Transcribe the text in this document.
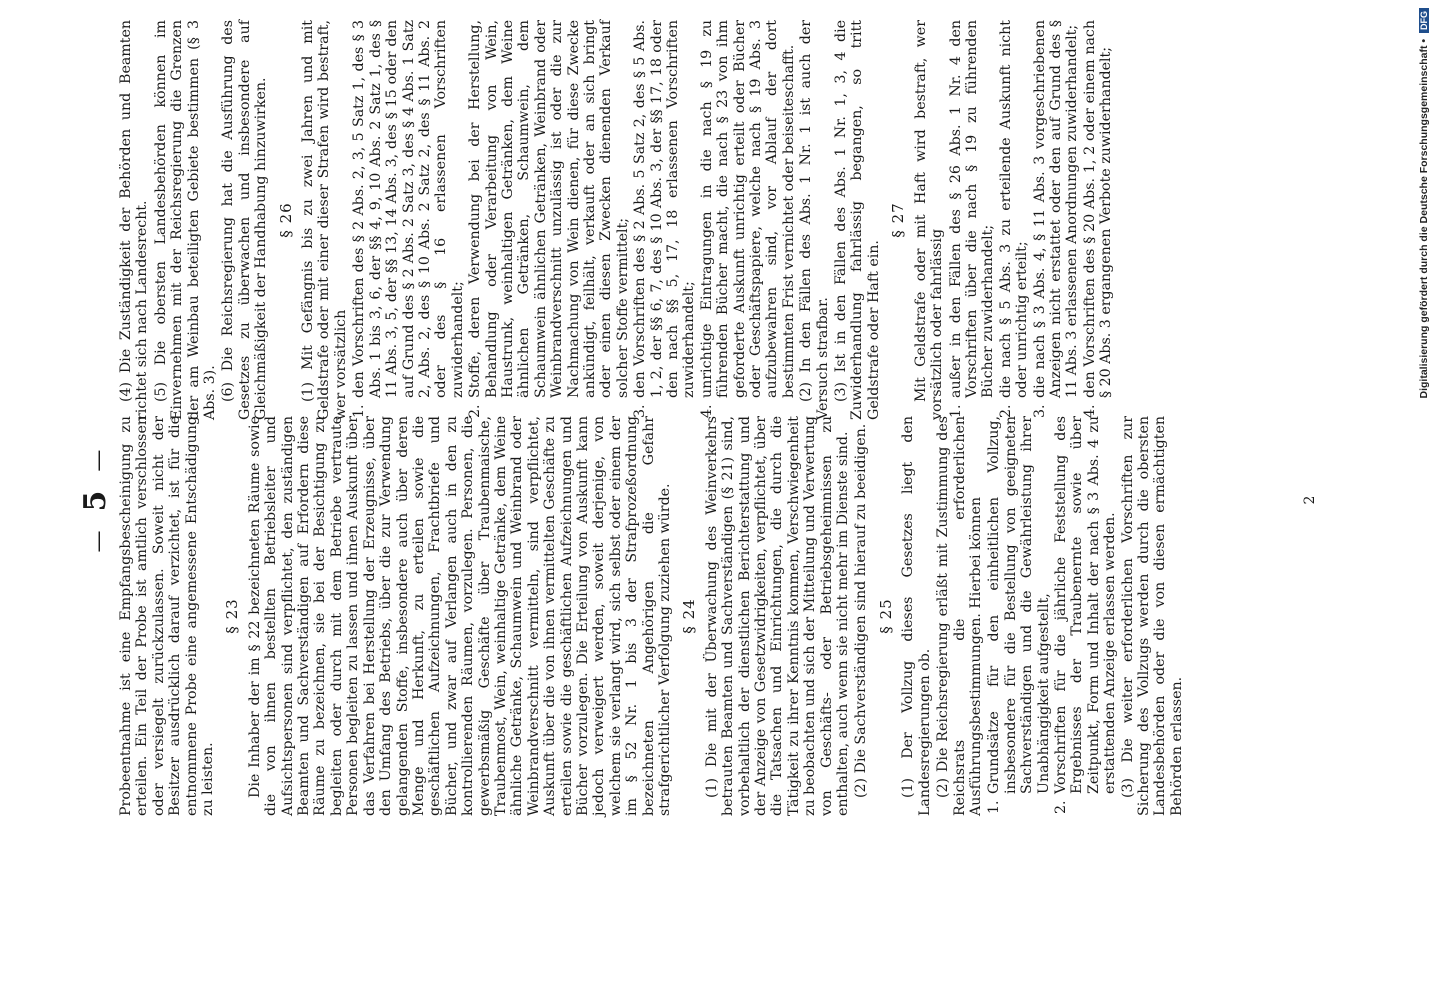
— 5 — Probeentnahme ist eine Empfangsbescheinigung zu erteilen. Ein Teil der Probe ist amtlich verschlossen oder versiegelt zurückzulassen. Soweit nicht der Besitzer ausdrücklich darauf verzichtet, ist für die entnommene Probe eine angemessene Entschädigung zu leisten.

§ 23 Die Inhaber der im § 22 bezeichneten Räume sowie die von ihnen bestellten Betriebsleiter und Aufsichtspersonen sind verpflichtet, den zuständigen Beamten und Sachverständigen auf Erfordern diese Räume zu bezeichnen, sie bei der Besichtigung zu begleiten oder durch mit dem Betriebe vertraute Personen begleiten zu lassen und ihnen Auskunft über das Verfahren bei Herstellung der Erzeugnisse, über den Umfang des Betriebs, über die zur Verwendung gelangenden Stoffe, insbesondere auch über deren Menge und Herkunft, zu erteilen sowie die geschäftlichen Aufzeichnungen, Frachtbriefe und Bücher, und zwar auf Verlangen auch in den zu kontrollierenden Räumen, vorzulegen. Personen, die gewerbsmäßig Geschäfte über Traubenmaische, Traubenmost, Wein, weinhaltige Getränke, dem Weine ähnliche Getränke, Schaumwein und Weinbrand oder Weinbrandverschnitt vermitteln, sind verpflichtet, Auskunft über die von ihnen vermittelten Geschäfte zu erteilen sowie die geschäftlichen Aufzeichnungen und Bücher vorzulegen. Die Erteilung von Auskunft kann jedoch verweigert werden, soweit derjenige, von welchem sie verlangt wird, sich selbst oder einem der im § 52 Nr. 1 bis 3 der Strafprozeßordnung bezeichneten Angehörigen die Gefahr strafgerichtlicher Verfolgung zuziehen würde. § 24 (1) Die mit der Überwachung des Weinverkehrs betrauten Beamten und Sachverständigen (§ 21) sind, vorbehaltlich der dienstlichen Berichterstattung und der Anzeige von Gesetzwidrigkeiten, verpflichtet, über die Tatsachen und Einrichtungen, die durch die Tätigkeit zu ihrer Kenntnis kommen, Verschwiegenheit zu beobachten und sich der Mitteilung und Verwertung von Geschäfts- oder Betriebsgeheimnissen zu enthalten, auch wenn sie nicht mehr im Dienste sind. (2) Die Sachverständigen sind hierauf zu beeidigen. § 25 (1) Der Vollzug dieses Gesetzes liegt den Landesregierungen ob. (2) Die Reichsregierung erläßt mit Zustimmung des Reichsrats die erforderlichen Ausführungsbestimmungen. Hierbei können 1. Grundsätze für den einheitlichen Vollzug, insbesondere für die Bestellung von geeigneten Sachverständigen und die Gewährleistung ihrer Unabhängigkeit aufgestellt, 2. Vorschriften für die jährliche Feststellung des Ergebnisses der Traubenernte sowie über Zeitpunkt, Form und Inhalt der nach § 3 Abs. 4 zu erstattenden Anzeige erlassen werden. (3) Die weiter erforderlichen Vorschriften zur Sicherung des Vollzugs werden durch die obersten Landesbehörden oder die von diesen ermächtigten Behörden erlassen.

(4) Die Zuständigkeit der Behörden und Beamten richtet sich nach Landesrecht. (5) Die obersten Landesbehörden können im Einvernehmen mit der Reichsregierung die Grenzen der am Weinbau beteiligten Gebiete bestimmen (§ 3 Abs. 3). (6) Die Reichsregierung hat die Ausführung des Gesetzes zu überwachen und insbesondere auf Gleichmäßigkeit der Handhabung hinzuwirken. § 26 (1) Mit Gefängnis bis zu zwei Jahren und mit Geldstrafe oder mit einer dieser Strafen wird bestraft, wer vorsätzlich 1. den Vorschriften des § 2 Abs. 2, 3, 5 Satz 1, des § 3 Abs. 1 bis 3, 6, der §§ 4, 9, 10 Abs. 2 Satz 1, des § 11 Abs. 3, 5, der §§ 13, 14 Abs. 3, des § 15 oder den auf Grund des § 2 Abs. 2 Satz 3, des § 4 Abs. 1 Satz 2, Abs. 2, des § 10 Abs. 2 Satz 2, des § 11 Abs. 2 oder des § 16 erlassenen Vorschriften zuwiderhandelt; 2. Stoffe, deren Verwendung bei der Herstellung, Behandlung oder Verarbeitung von Wein, Haustrunk, weinhaltigen Getränken, dem Weine ähnlichen Getränken, Schaumwein, dem Schaumwein ähnlichen Getränken, Weinbrand oder Weinbrandverschnitt unzulässig ist oder die zur Nachmachung von Wein dienen, für diese Zwecke ankündigt, feilhält, verkauft oder an sich bringt oder einen diesen Zwecken dienenden Verkauf solcher Stoffe vermittelt; 3. den Vorschriften des § 2 Abs. 5 Satz 2, des § 5 Abs. 1, 2, der §§ 6, 7, des § 10 Abs. 3, der §§ 17, 18 oder den nach §§ 5, 17, 18 erlassenen Vorschriften zuwiderhandelt; 4. unrichtige Eintragungen in die nach § 19 zu führenden Bücher macht, die nach § 23 von ihm geforderte Auskunft unrichtig erteilt oder Bücher oder Geschäftspapiere, welche nach § 19 Abs. 3 aufzubewahren sind, vor Ablauf der dort bestimmten Frist vernichtet oder beiseiteschafft. (2) In den Fällen des Abs. 1 Nr. 1 ist auch der Versuch strafbar. (3) Ist in den Fällen des Abs. 1 Nr. 1, 3, 4 die Zuwiderhandlung fahrlässig begangen, so tritt Geldstrafe oder Haft ein.

§ 27 Mit Geldstrafe oder mit Haft wird bestraft, wer vorsätzlich oder fahrlässig 1. außer in den Fällen des § 26 Abs. 1 Nr. 4 den Vorschriften über die nach § 19 zu führenden Bücher zuwiderhandelt; 2. die nach § 5 Abs. 3 zu erteilende Auskunft nicht oder unrichtig erteilt; 3. die nach § 3 Abs. 4, § 11 Abs. 3 vorgeschriebenen Anzeigen nicht erstattet oder den auf Grund des § 11 Abs. 3 erlassenen Anordnungen zuwiderhandelt; 4. den Vorschriften des § 20 Abs. 1, 2 oder einem nach § 20 Abs. 3 ergangenen Verbote zuwiderhandelt;
2
Digitalisierung gefördert durch die Deutsche Forschungsgemeinschaft • DFG
